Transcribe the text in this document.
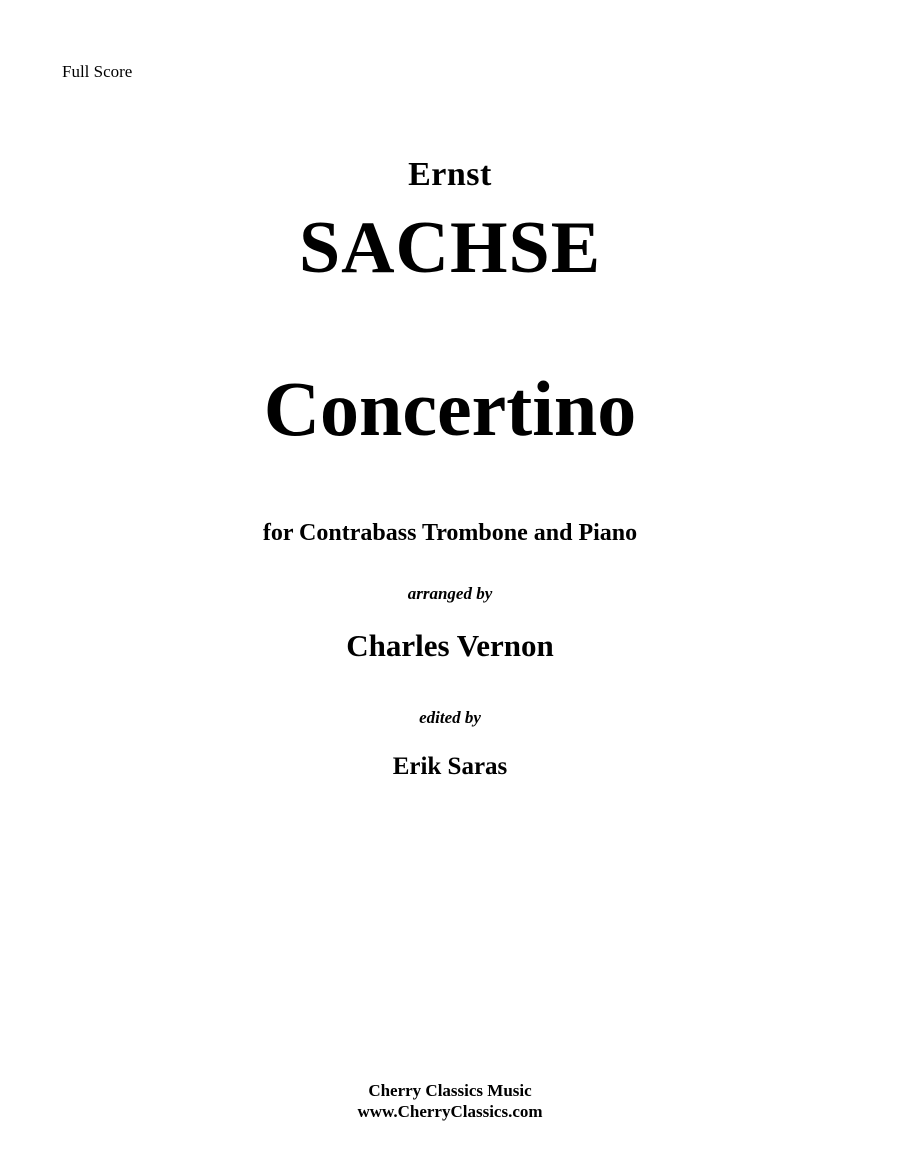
Full Score
Ernst
SACHSE
Concertino
for Contrabass Trombone and Piano
arranged by
Charles Vernon
edited by
Erik Saras
Cherry Classics Music
www.CherryClassics.com
